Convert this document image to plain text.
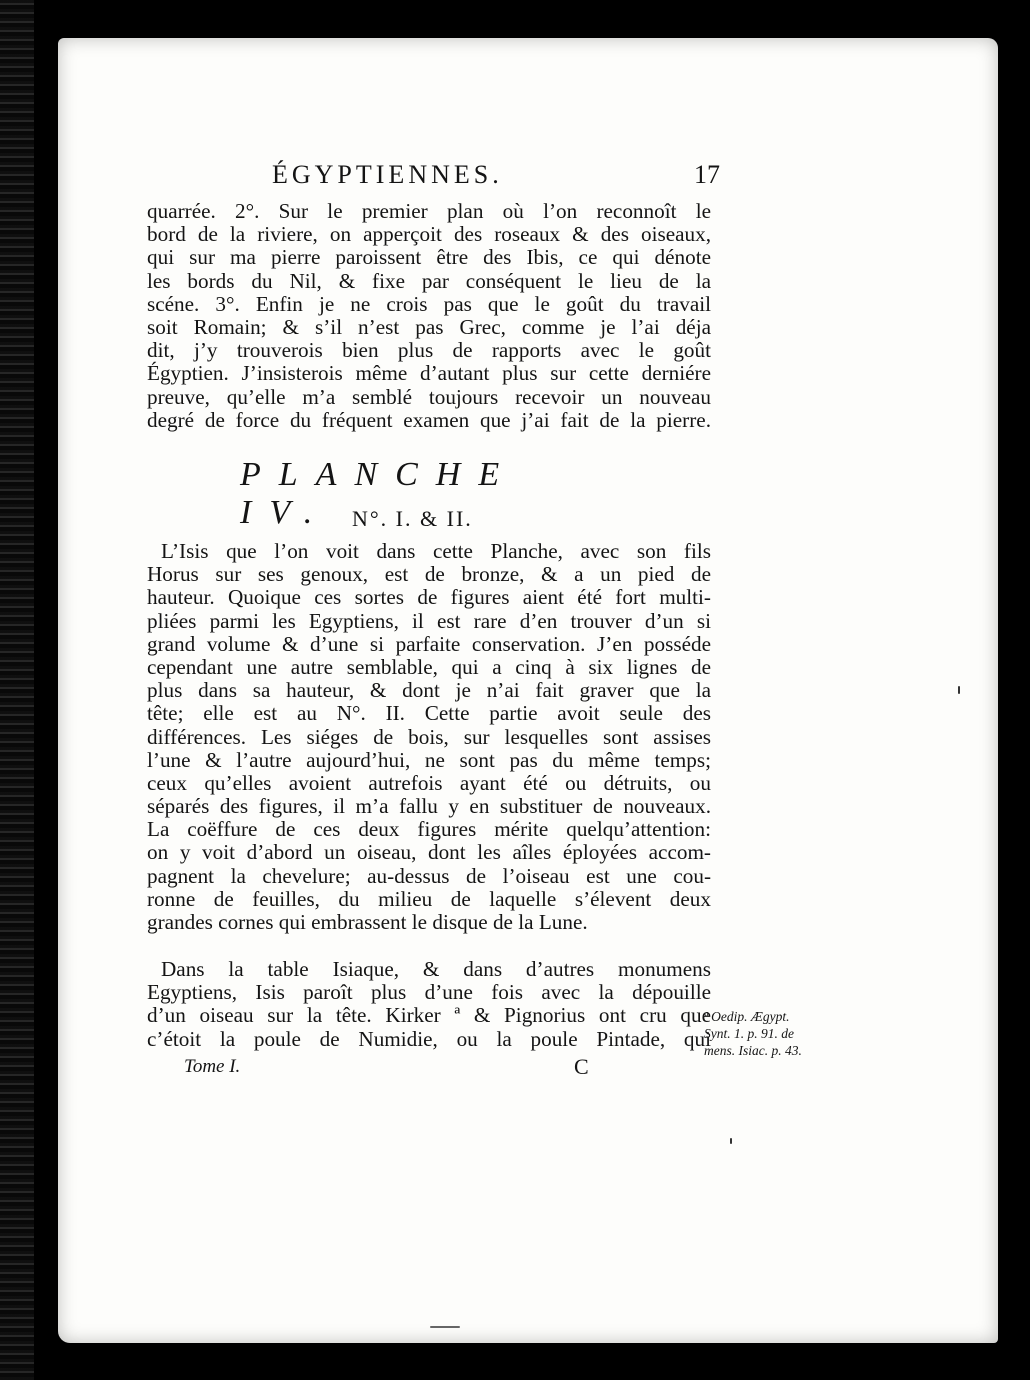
ÉGYPTIENNES.	17
quarrée. 2°. Sur le premier plan où l’on reconnoît le
bord de la riviere, on apperçoit des roseaux & des oiseaux,
qui sur ma pierre paroissent être des Ibis, ce qui dénote
les bords du Nil, & fixe par conséquent le lieu de la
scéne. 3°. Enfin je ne crois pas que le goût du travail
soit Romain; & s’il n’est pas Grec, comme je l’ai déja
dit, j’y trouverois bien plus de rapports avec le goût
Égyptien. J’insisterois même d’autant plus sur cette derniére
preuve, qu’elle m’a semblé toujours recevoir un nouveau
degré de force du fréquent examen que j’ai fait de la pierre.
PLANCHE IV. N°. I. & II.
L’Isis que l’on voit dans cette Planche, avec son fils
Horus sur ses genoux, est de bronze, & a un pied de
hauteur. Quoique ces sortes de figures aient été fort multi-
pliées parmi les Egyptiens, il est rare d’en trouver d’un si
grand volume & d’une si parfaite conservation. J’en posséde
cependant une autre semblable, qui a cinq à six lignes de
plus dans sa hauteur, & dont je n’ai fait graver que la
tête; elle est au N°. II. Cette partie avoit seule des
différences. Les siéges de bois, sur lesquelles sont assises
l’une & l’autre aujourd’hui, ne sont pas du même temps;
ceux qu’elles avoient autrefois ayant été ou détruits, ou
séparés des figures, il m’a fallu y en substituer de nouveaux.
La coëffure de ces deux figures mérite quelqu’attention:
on y voit d’abord un oiseau, dont les aîles éployées accom-
pagnent la chevelure; au-dessus de l’oiseau est une cou-
ronne de feuilles, du milieu de laquelle s’élevent deux
grandes cornes qui embrassent le disque de la Lune.
Dans la table Isiaque, & dans d’autres monumens
Egyptiens, Isis paroît plus d’une fois avec la dépouille
d’un oiseau sur la tête. Kirker ª & Pignorius ont cru que
c’étoit la poule de Numidie, ou la poule Pintade, qui
Tome I.	C
ª Oedip. Ægypt.
Synt. 1. p. 91. de
mens. Isiac. p. 43.
